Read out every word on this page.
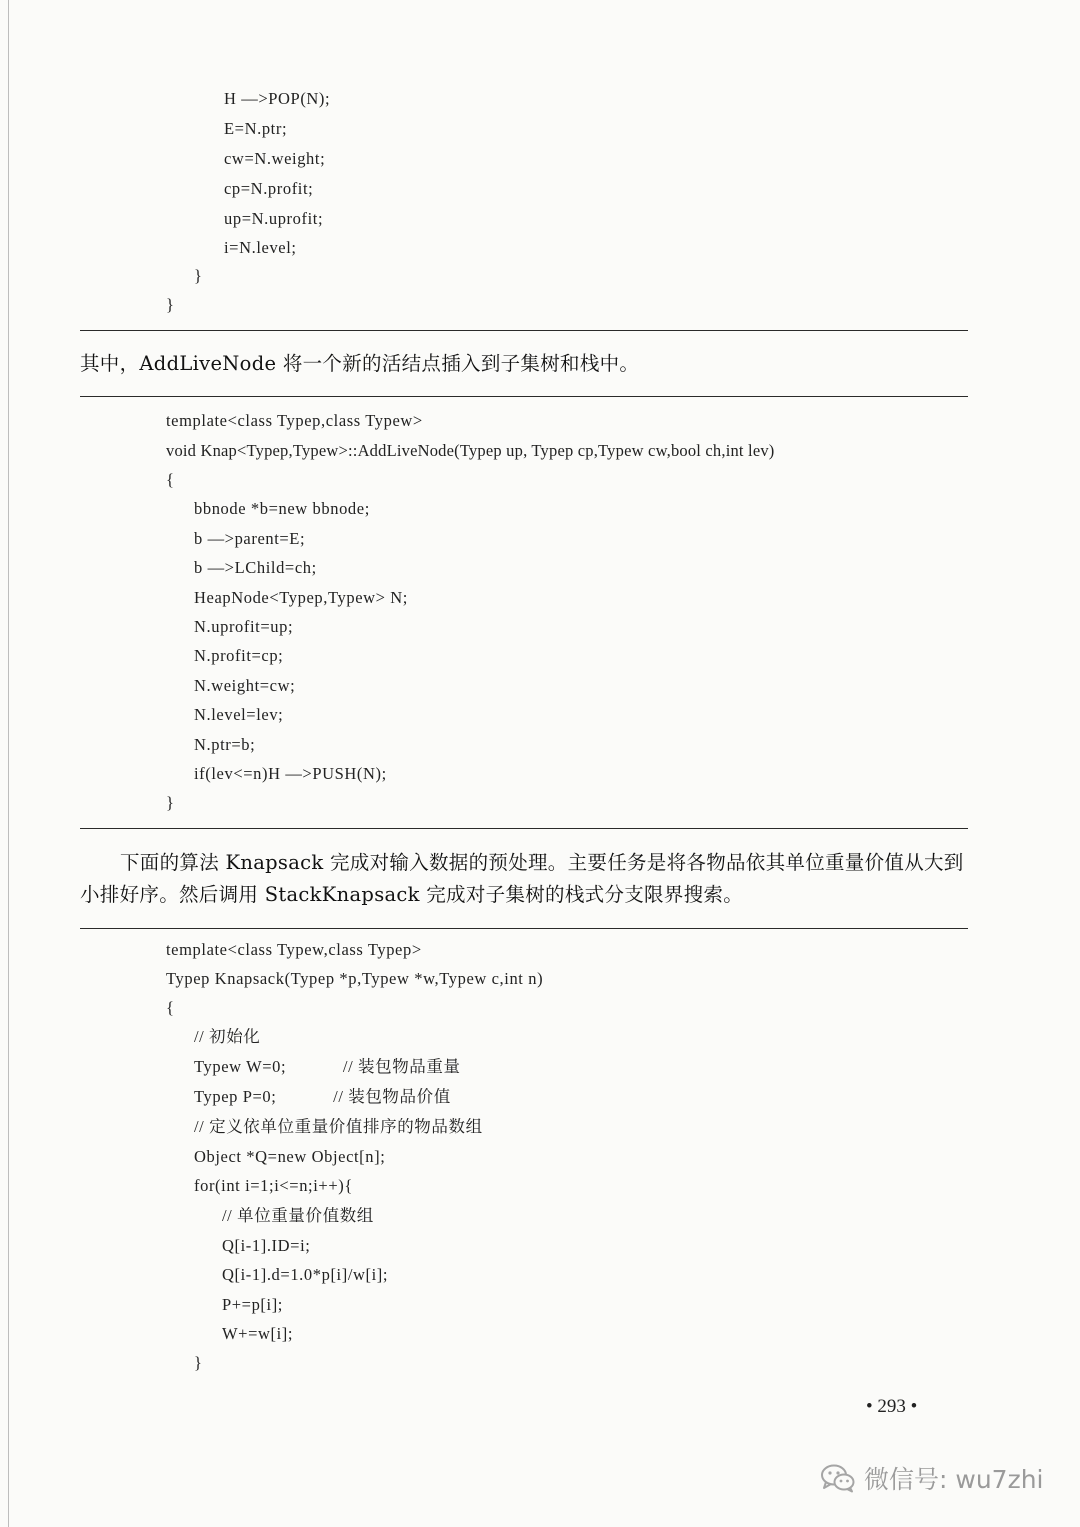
H —>POP(N);
E=N.ptr;
cw=N.weight;
cp=N.profit;
up=N.uprofit;
i=N.level;
}
}
其中，AddLiveNode 将一个新的活结点插入到子集树和栈中。
template<class Typep,class Typew>
void Knap<Typep,Typew>::AddLiveNode(Typep up, Typep cp,Typew cw,bool ch,int lev)
{
bbnode *b=new bbnode;
b —>parent=E;
b —>LChild=ch;
HeapNode<Typep,Typew> N;
N.uprofit=up;
N.profit=cp;
N.weight=cw;
N.level=lev;
N.ptr=b;
if(lev<=n)H —>PUSH(N);
}
下面的算法 Knapsack 完成对输入数据的预处理。主要任务是将各物品依其单位重量价值从大到小排好序。然后调用 StackKnapsack 完成对子集树的栈式分支限界搜索。
template<class Typew,class Typep>
Typep Knapsack(Typep *p,Typew *w,Typew c,int n)
{
// 初始化
Typew W=0;            // 装包物品重量
Typep P=0;            // 装包物品价值
// 定义依单位重量价值排序的物品数组
Object *Q=new Object[n];
for(int i=1;i<=n;i++){
// 单位重量价值数组
Q[i-1].ID=i;
Q[i-1].d=1.0*p[i]/w[i];
P+=p[i];
W+=w[i];
}
• 293 •
微信号: wu7zhi
